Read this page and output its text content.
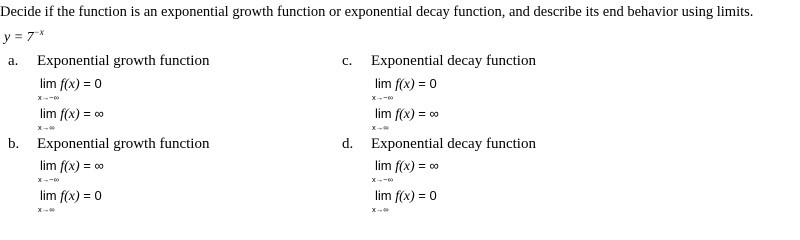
Decide if the function is an exponential growth function or exponential decay function, and describe its end behavior using limits.
$y = 7^{-x}$
a. Exponential growth function
lim f(x) = 0
x→−∞
lim f(x) = ∞
x→∞
b. Exponential growth function
lim f(x) = ∞
x→−∞
lim f(x) = 0
x→∞
c. Exponential decay function
lim f(x) = 0
x→−∞
lim f(x) = ∞
x→∞
d. Exponential decay function
lim f(x) = ∞
x→−∞
lim f(x) = 0
x→∞
